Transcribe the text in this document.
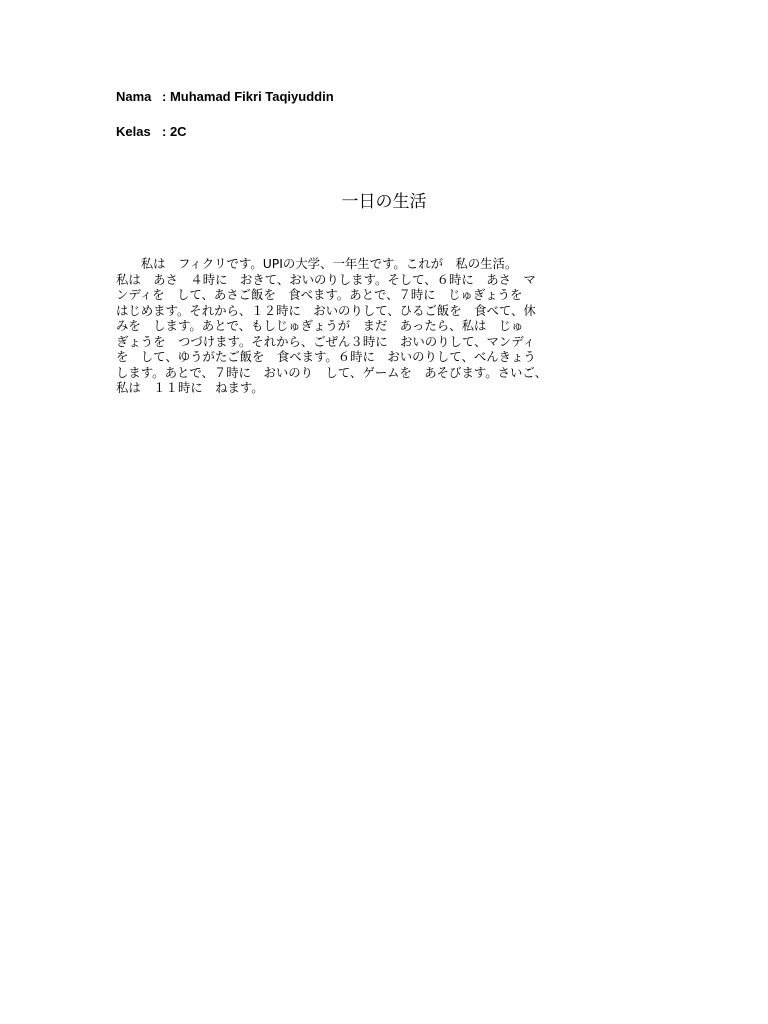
Nama : Muhamad Fikri Taqiyuddin
Kelas : 2C
一日の生活
　　私は　フィクリです。UPIの大学、一年生です。これが　私の生活。
私は　あさ　４時に　おきて、おいのりします。そして、６時に　あさ　マ
ンディを　して、あさご飯を　食べます。あとで、７時に　じゅぎょうを
はじめます。それから、１２時に　おいのりして、ひるご飯を　食べて、休
みを　します。あとで、もしじゅぎょうが　まだ　あったら、私は　じゅ
ぎょうを　つづけます。それから、ごぜん３時に　おいのりして、マンディ
を　して、ゆうがたご飯を　食べます。６時に　おいのりして、べんきょう
します。あとで、７時に　おいのり　して、ゲームを　あそびます。さいご、
私は　１１時に　ねます。
